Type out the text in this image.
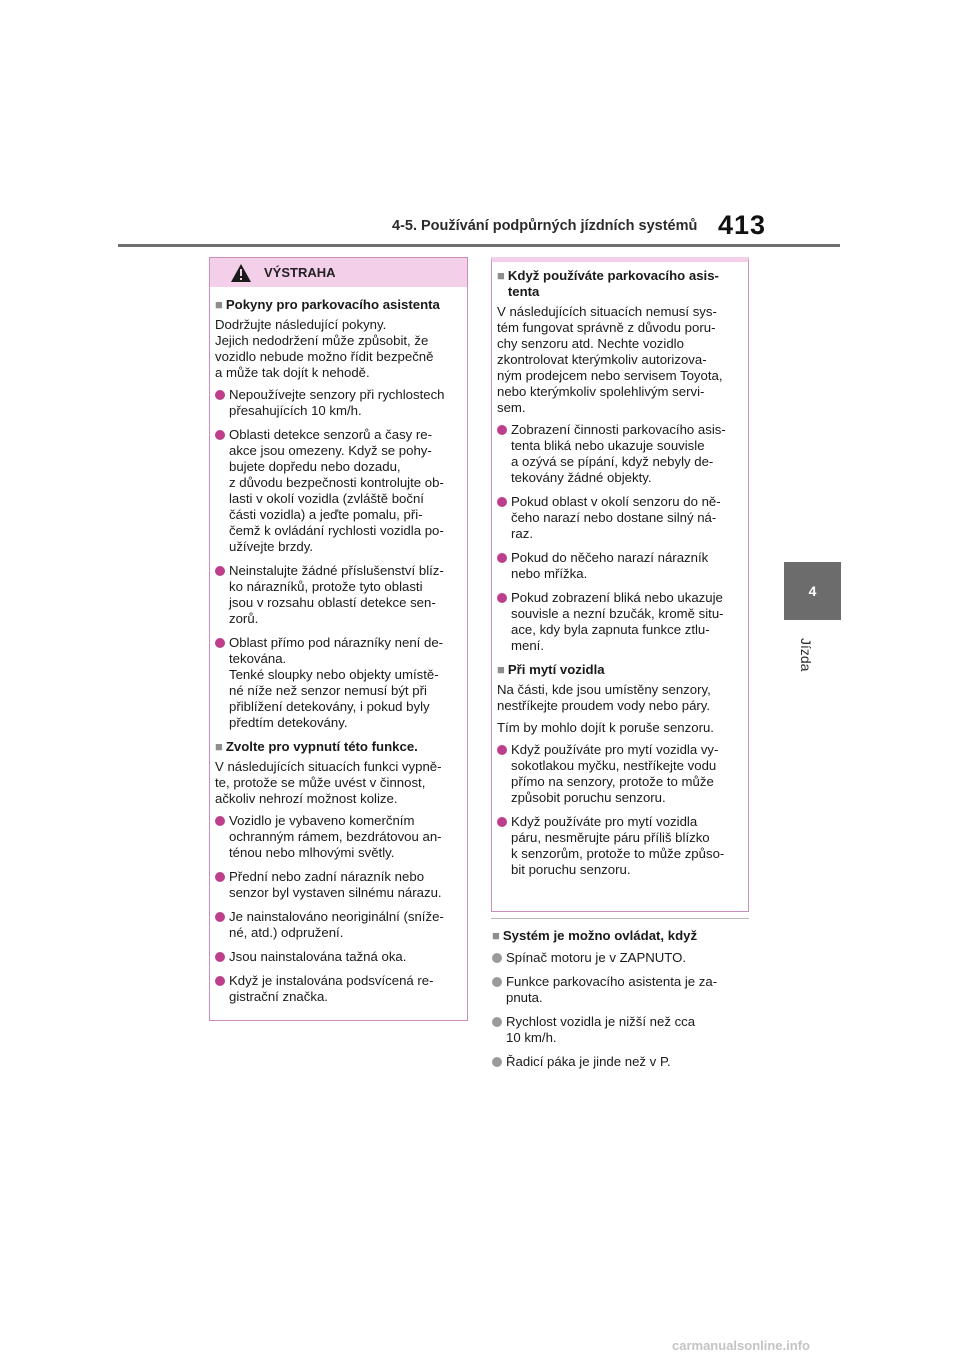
4-5. Používání podpůrných jízdních systémů 413
4
Jízda
VÝSTRAHA
■ Pokyny pro parkovacího asistenta
Dodržujte následující pokyny.
Jejich nedodržení může způsobit, že
vozidlo nebude možno řídit bezpečně
a může tak dojít k nehodě.
Nepoužívejte senzory při rychlostech
přesahujících 10 km/h.
Oblasti detekce senzorů a časy re-
akce jsou omezeny. Když se pohy-
bujete dopředu nebo dozadu,
z důvodu bezpečnosti kontrolujte ob-
lasti v okolí vozidla (zvláště boční
části vozidla) a jeďte pomalu, při-
čemž k ovládání rychlosti vozidla po-
užívejte brzdy.
Neinstalujte žádné příslušenství blíz-
ko nárazníků, protože tyto oblasti
jsou v rozsahu oblastí detekce sen-
zorů.
Oblast přímo pod nárazníky není de-
tekována.
Tenké sloupky nebo objekty umístě-
né níže než senzor nemusí být při
přiblížení detekovány, i pokud byly
předtím detekovány.
■ Zvolte pro vypnutí této funkce.
V následujících situacích funkci vypně-
te, protože se může uvést v činnost,
ačkoliv nehrozí možnost kolize.
Vozidlo je vybaveno komerčním
ochranným rámem, bezdrátovou an-
ténou nebo mlhovými světly.
Přední nebo zadní nárazník nebo
senzor byl vystaven silnému nárazu.
Je nainstalováno neoriginální (sníže-
né, atd.) odpružení.
Jsou nainstalována tažná oka.
Když je instalována podsvícená re-
gistrační značka.
■ Když používáte parkovacího asis-
tenta
V následujících situacích nemusí sys-
tém fungovat správně z důvodu poru-
chy senzoru atd. Nechte vozidlo
zkontrolovat kterýmkoliv autorizova-
ným prodejcem nebo servisem Toyota,
nebo kterýmkoliv spolehlivým servi-
sem.
Zobrazení činnosti parkovacího asis-
tenta bliká nebo ukazuje souvisle
a ozývá se pípání, když nebyly de-
tekovány žádné objekty.
Pokud oblast v okolí senzoru do ně-
čeho narazí nebo dostane silný ná-
raz.
Pokud do něčeho narazí nárazník
nebo mřížka.
Pokud zobrazení bliká nebo ukazuje
souvisle a nezní bzučák, kromě situ-
ace, kdy byla zapnuta funkce ztlu-
mení.
■ Při mytí vozidla
Na části, kde jsou umístěny senzory,
nestříkejte proudem vody nebo páry.
Tím by mohlo dojít k poruše senzoru.
Když používáte pro mytí vozidla vy-
sokotlakou myčku, nestříkejte vodu
přímo na senzory, protože to může
způsobit poruchu senzoru.
Když používáte pro mytí vozidla
páru, nesměrujte páru příliš blízko
k senzorům, protože to může způso-
bit poruchu senzoru.
■ Systém je možno ovládat, když
Spínač motoru je v ZAPNUTO.
Funkce parkovacího asistenta je za-
pnuta.
Rychlost vozidla je nižší než cca
10 km/h.
Řadicí páka je jinde než v P.
carmanualsonline.info
